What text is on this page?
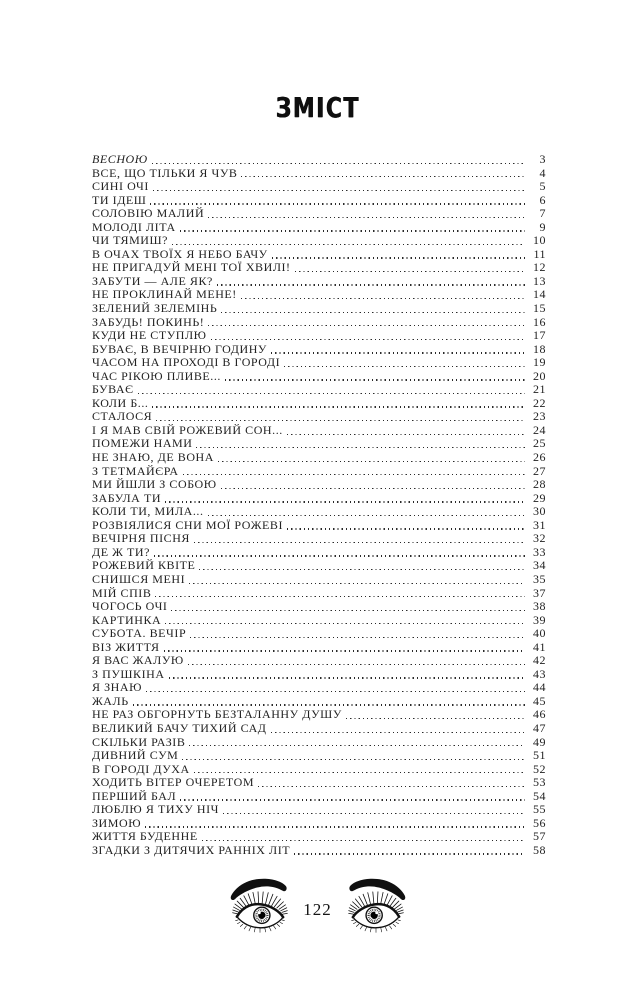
ЗМІСТ
ВЕСНОЮ	3
ВСЕ, ЩО ТІЛЬКИ Я ЧУВ	4
СИНІ ОЧІ	5
ТИ ІДЕШ	6
СОЛОВІЮ МАЛИЙ	7
МОЛОДІ ЛІТА	9
ЧИ ТЯМИШ?	10
В ОЧАХ ТВОЇХ Я НЕБО БАЧУ	11
НЕ ПРИГАДУЙ МЕНІ ТОЇ ХВИЛІ!	12
ЗАБУТИ — АЛЕ ЯК?	13
НЕ ПРОКЛИНАЙ МЕНЕ!	14
ЗЕЛЕНИЙ ЗЕЛЕМІНЬ	15
ЗАБУДЬ! ПОКИНЬ!	16
КУДИ НЕ СТУПЛЮ	17
БУВАЄ, В ВЕЧІРНЮ ГОДИНУ	18
ЧАСОМ НА ПРОХОДІ В ГОРОДІ	19
ЧАС РІКОЮ ПЛИВЕ...	20
БУВАЄ	21
КОЛИ Б...	22
СТАЛОСЯ	23
І Я МАВ СВІЙ РОЖЕВИЙ СОН...	24
ПОМЕЖИ НАМИ	25
НЕ ЗНАЮ, ДЕ ВОНА	26
З ТЕТМАЙЄРА	27
МИ ЙШЛИ З СОБОЮ	28
ЗАБУЛА ТИ	29
КОЛИ ТИ, МИЛА...	30
РОЗВІЯЛИСЯ СНИ МОЇ РОЖЕВІ	31
ВЕЧІРНЯ ПІСНЯ	32
ДЕ Ж ТИ?	33
РОЖЕВИЙ КВІТЕ	34
СНИШСЯ МЕНІ	35
МІЙ СПІВ	37
ЧОГОСЬ ОЧІ	38
КАРТИНКА	39
СУБОТА. ВЕЧІР	40
ВІЗ ЖИТТЯ	41
Я ВАС ЖАЛУЮ	42
З ПУШКІНА	43
Я ЗНАЮ	44
ЖАЛЬ	45
НЕ РАЗ ОБГОРНУТЬ БЕЗТАЛАННУ ДУШУ	46
ВЕЛИКИЙ БАЧУ ТИХИЙ САД	47
СКІЛЬКИ РАЗІВ	49
ДИВНИЙ СУМ	51
В ГОРОДІ ДУХА	52
ХОДИТЬ ВІТЕР ОЧЕРЕТОМ	53
ПЕРШИЙ БАЛ	54
ЛЮБЛЮ Я ТИХУ НІЧ	55
ЗИМОЮ	56
ЖИТТЯ БУДЕННЕ	57
ЗГАДКИ З ДИТЯЧИХ РАННІХ ЛІТ	58
122
